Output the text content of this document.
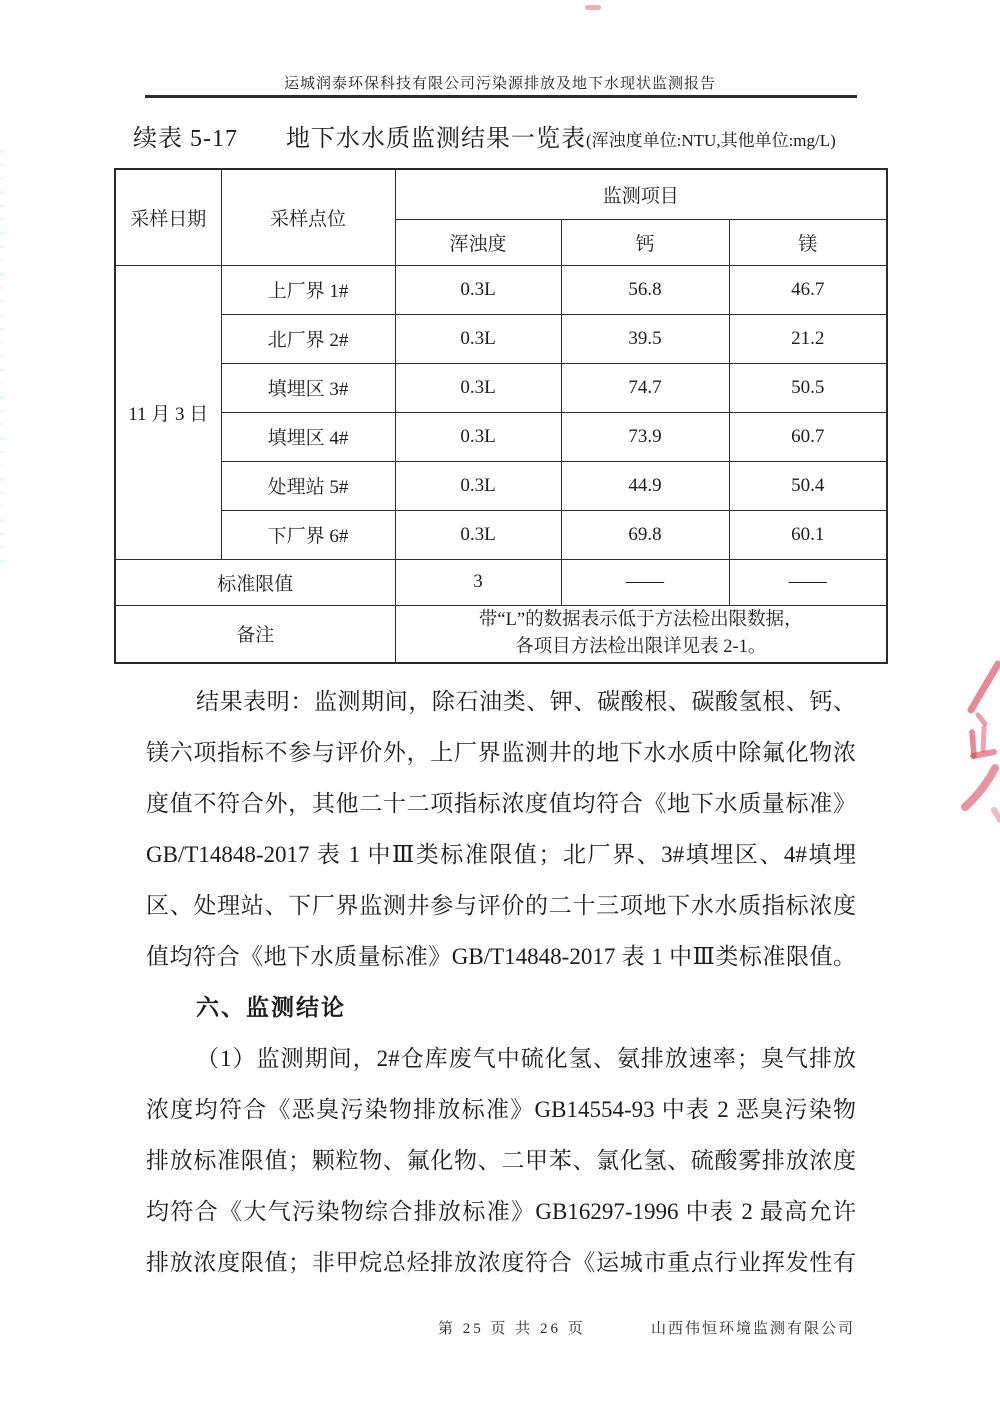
运城润泰环保科技有限公司污染源排放及地下水现状监测报告
续表 5-17 地下水水质监测结果一览表 (浑浊度单位:NTU,其他单位:mg/L)
采样日期	采样点位	监测项目		
		浑浊度	钙	镁
11 月 3 日	上厂界 1#	0.3L	56.8	46.7
	北厂界 2#	0.3L	39.5	21.2
	填埋区 3#	0.3L	74.7	50.5
	填埋区 4#	0.3L	73.9	60.7
	处理站 5#	0.3L	44.9	50.4
	下厂界 6#	0.3L	69.8	60.1
标准限值		3	——	——
备注		带“L”的数据表示低于方法检出限数据，
各项目方法检出限详见表 2-1。		
结果表明：监测期间，除石油类、钾、碳酸根、碳酸氢根、钙、
镁六项指标不参与评价外，上厂界监测井的地下水水质中除氟化物浓
度值不符合外，其他二十二项指标浓度值均符合《地下水质量标准》
GB/T14848-2017 表 1 中Ⅲ类标准限值；北厂界、3#填埋区、4#填埋
区、处理站、下厂界监测井参与评价的二十三项地下水水质指标浓度
值均符合《地下水质量标准》GB/T14848-2017 表 1 中Ⅲ类标准限值。
六、监测结论
（1）监测期间，2#仓库废气中硫化氢、氨排放速率；臭气排放
浓度均符合《恶臭污染物排放标准》GB14554-93 中表 2 恶臭污染物
排放标准限值；颗粒物、氟化物、二甲苯、氯化氢、硫酸雾排放浓度
均符合《大气污染物综合排放标准》GB16297-1996 中表 2 最高允许
排放浓度限值；非甲烷总烃排放浓度符合《运城市重点行业挥发性有
第 25 页 共 26 页	山西伟恒环境监测有限公司
